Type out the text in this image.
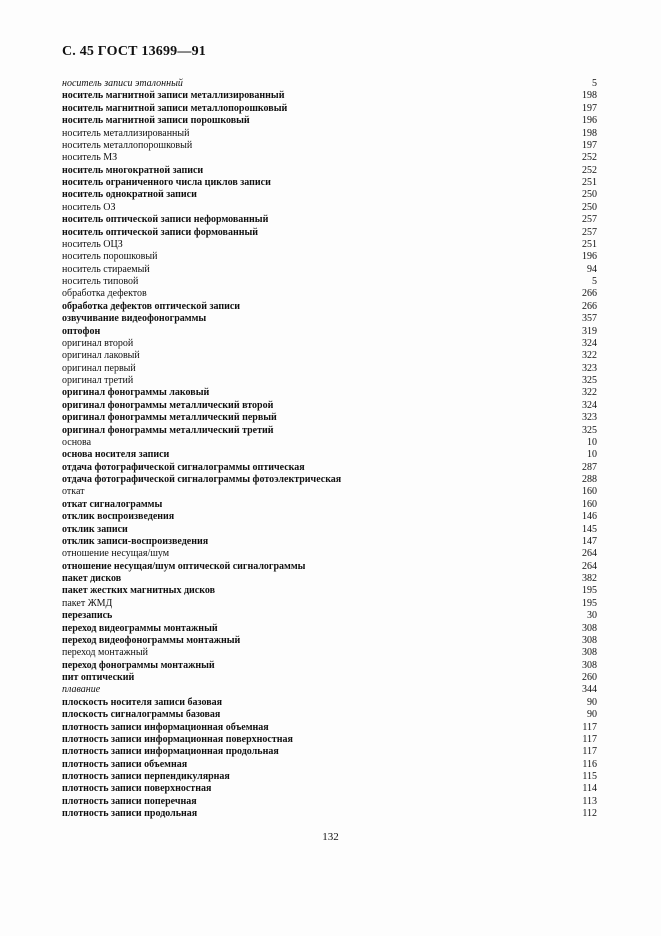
С. 45 ГОСТ 13699—91
носитель записи эталонный	5
носитель магнитной записи металлизированный	198
носитель магнитной записи металлопорошковый	197
носитель магнитной записи порошковый	196
носитель металлизированный	198
носитель металлопорошковый	197
носитель МЗ	252
носитель многократной записи	252
носитель ограниченного числа циклов записи	251
носитель однократной записи	250
носитель ОЗ	250
носитель оптической записи неформованный	257
носитель оптической записи формованный	257
носитель ОЦЗ	251
носитель порошковый	196
носитель стираемый	94
носитель типовой	5
обработка дефектов	266
обработка дефектов оптической записи	266
озвучивание видеофонограммы	357
оптофон	319
оригинал второй	324
оригинал лаковый	322
оригинал первый	323
оригинал третий	325
оригинал фонограммы лаковый	322
оригинал фонограммы металлический второй	324
оригинал фонограммы металлический первый	323
оригинал фонограммы металлический третий	325
основа	10
основа носителя записи	10
отдача фотографической сигналограммы оптическая	287
отдача фотографической сигналограммы фотоэлектрическая	288
откат	160
откат сигналограммы	160
отклик воспроизведения	146
отклик записи	145
отклик записи-воспроизведения	147
отношение несущая/шум	264
отношение несущая/шум оптической сигналограммы	264
пакет дисков	382
пакет жестких магнитных дисков	195
пакет ЖМД	195
перезапись	30
переход видеограммы монтажный	308
переход видеофонограммы монтажный	308
переход монтажный	308
переход фонограммы монтажный	308
пит оптический	260
плавание	344
плоскость носителя записи базовая	90
плоскость сигналограммы базовая	90
плотность записи информационная объемная	117
плотность записи информационная поверхностная	117
плотность записи информационная продольная	117
плотность записи объемная	116
плотность записи перпендикулярная	115
плотность записи поверхностная	114
плотность записи поперечная	113
плотность записи продольная	112
132
